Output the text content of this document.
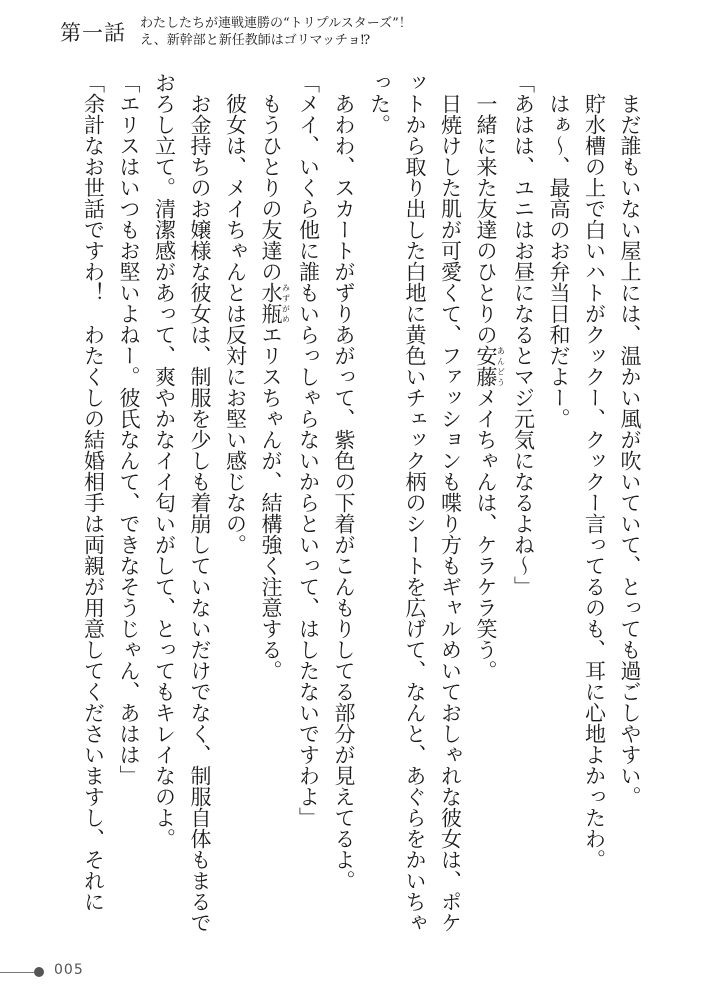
第一話 わたしたちが連戦連勝の“トリプルスターズ”！
え、新幹部と新任教師はゴリマッチョ⁉

まだ誰もいない屋上には、温かい風が吹いていて、とっても過ごしやすい。

貯水槽の上で白いハトがクックー、クックー言ってるのも、耳に心地よかったわ。

はぁ～、最高のお弁当日和だよー。

「あはは、ユニはお昼になるとマジ元気になるよね～」

一緒に来た友達のひとりの安藤あんどうメイちゃんは、ケラケラ笑う。

日焼けした肌が可愛くて、ファッションも喋り方もギャルめいておしゃれな彼女は、ポケットから取り出した白地に黄色いチェック柄のシートを広げて、なんと、あぐらをかいちゃった。

あわわ、スカートがずりあがって、紫色の下着がこんもりしてる部分が見えてるよ。

「メイ、いくら他に誰もいらっしゃらないからといって、はしたないですわよ」

もうひとりの友達の水瓶みずがめエリスちゃんが、結構強く注意する。

彼女は、メイちゃんとは反対にお堅い感じなの。

お金持ちのお嬢様な彼女は、制服を少しも着崩していないだけでなく、制服自体もまるでおろし立て。清潔感があって、爽やかなイイ匂いがして、とってもキレイなのよ。

「エリスはいつもお堅いよねー。彼氏なんて、できなそうじゃん、あはは」

「余計なお世話ですわ！　わたくしの結婚相手は両親が用意してくださいますし、それに

005
